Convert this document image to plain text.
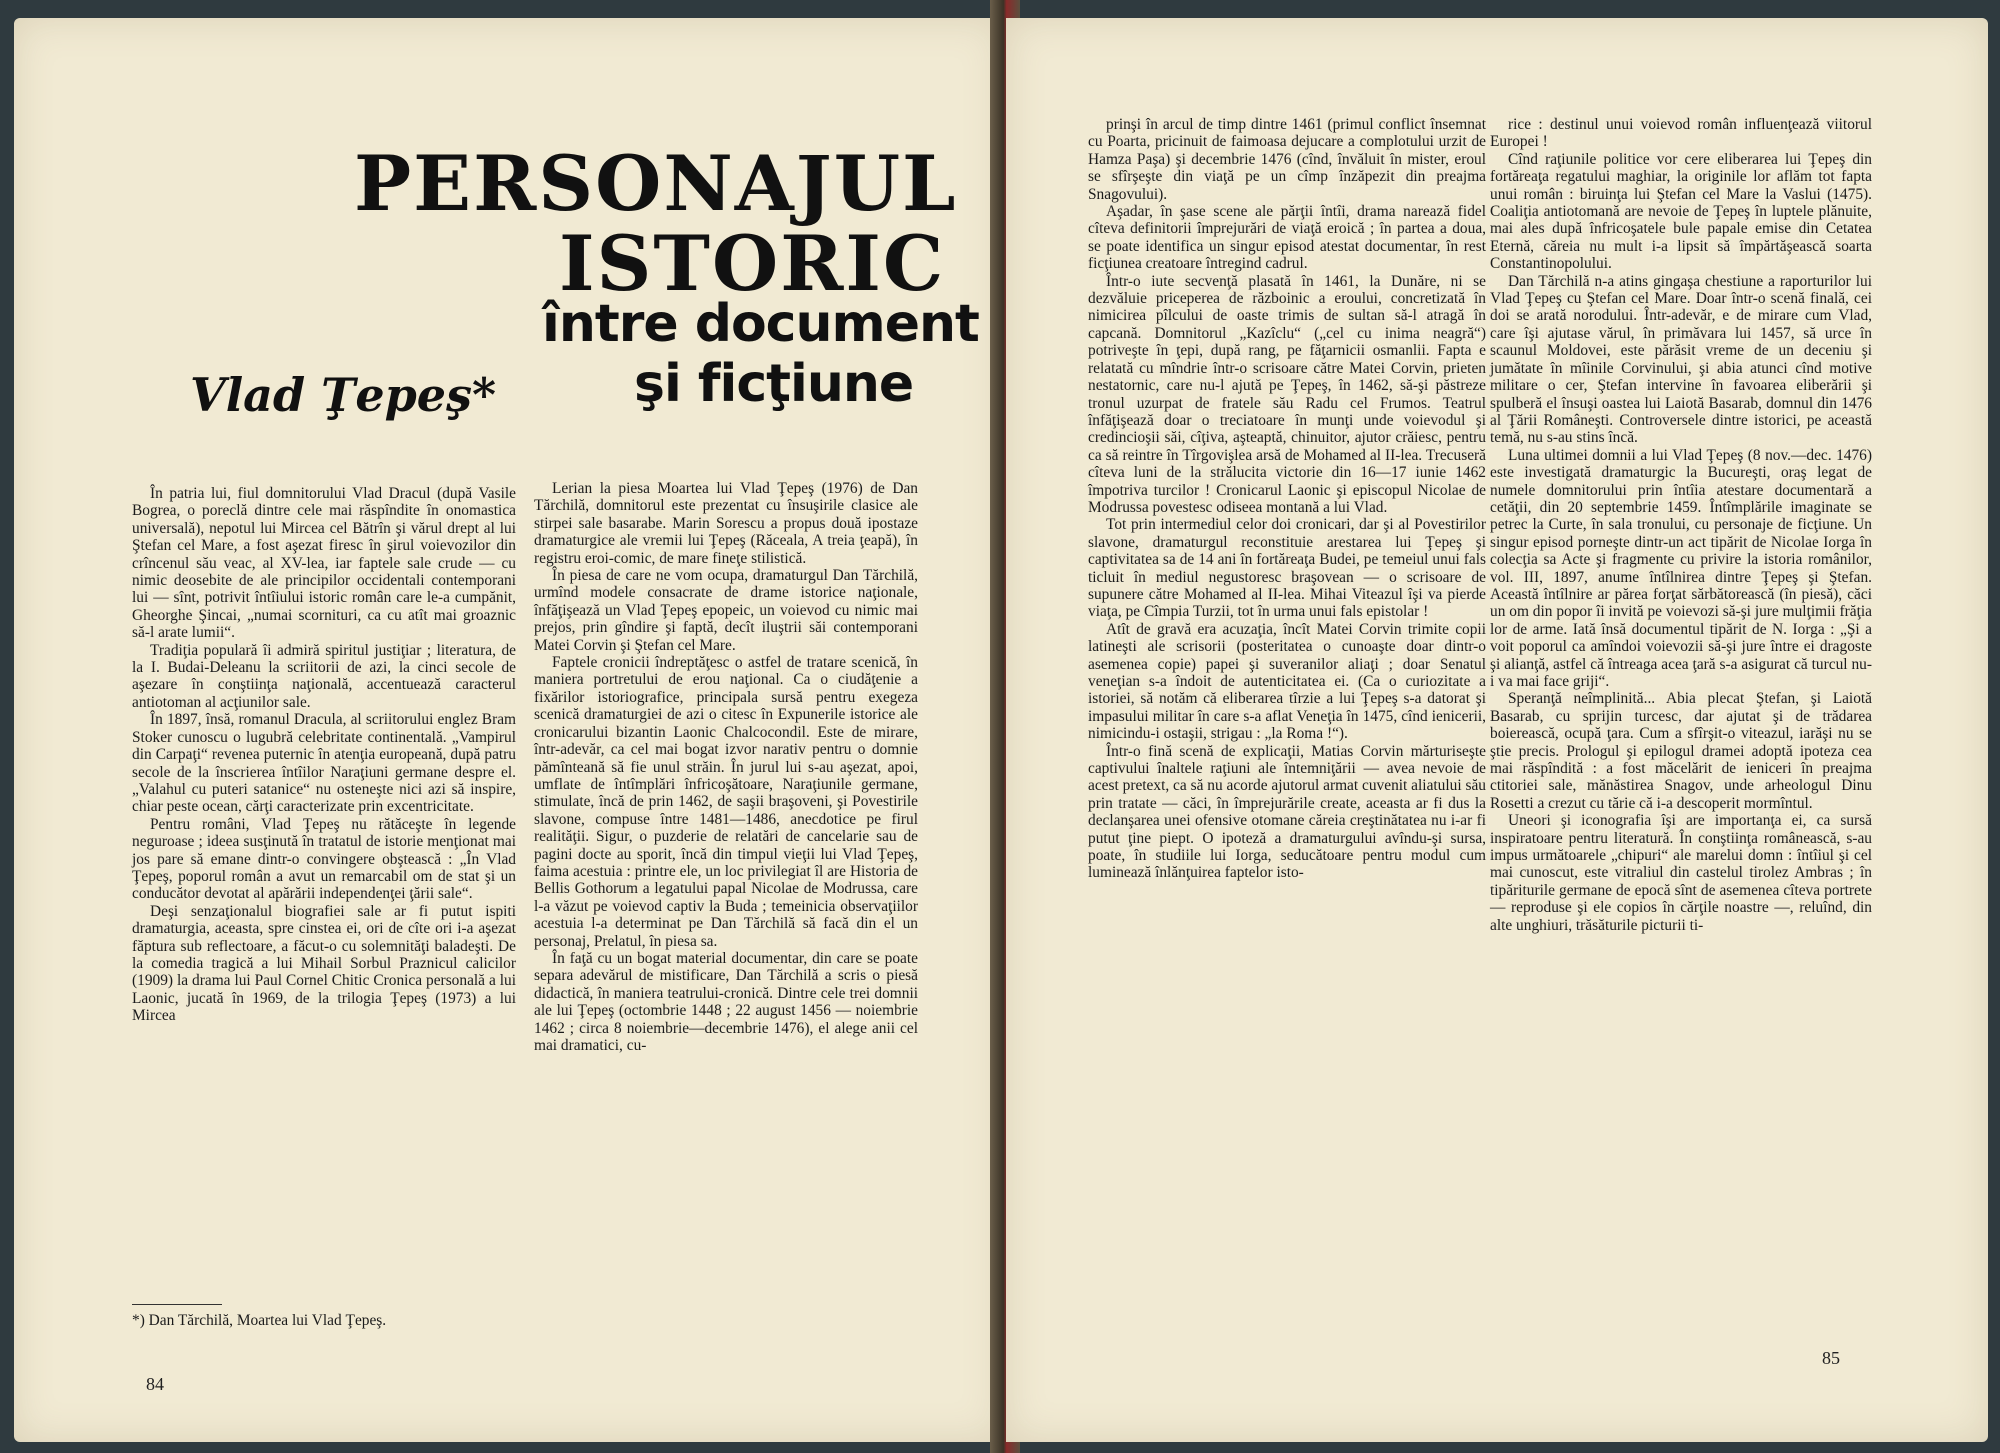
PERSONAJUL
ISTORIC
între document
şi ficţiune

Vlad Ţepeş*

În patria lui, fiul domnitorului Vlad Dracul (după Vasile Bogrea, o poreclă dintre cele mai răspîndite în onomastica universală), nepotul lui Mircea cel Bătrîn şi vărul drept al lui Ştefan cel Mare, a fost aşezat firesc în şirul voievozilor din crîncenul său veac, al XV-lea, iar faptele sale crude — cu nimic deosebite de ale principilor occidentali contemporani lui — sînt, potrivit întîiului istoric român care le-a cumpănit, Gheorghe Şincai, „numai scornituri, ca cu atît mai groaznic să-l arate lumii“.

Tradiţia populară îi admiră spiritul justiţiar ; literatura, de la I. Budai-Deleanu la scriitorii de azi, la cinci secole de aşezare în conştiinţa naţională, accentuează caracterul antiotoman al acţiunilor sale.

În 1897, însă, romanul Dracula, al scriitorului englez Bram Stoker cunoscu o lugubră celebritate continentală. „Vampirul din Carpaţi“ revenea puternic în atenţia europeană, după patru secole de la înscrierea întîilor Naraţiuni germane despre el. „Valahul cu puteri satanice“ nu osteneşte nici azi să inspire, chiar peste ocean, cărţi caracterizate prin excentricitate.

Pentru români, Vlad Ţepeş nu rătăceşte în legende neguroase ; ideea susţinută în tratatul de istorie menţionat mai jos pare să emane dintr-o convingere obştească : „În Vlad Ţepeş, poporul român a avut un remarcabil om de stat şi un conducător devotat al apărării independenţei ţării sale“.

Deşi senzaţionalul biografiei sale ar fi putut ispiti dramaturgia, aceasta, spre cinstea ei, ori de cîte ori i-a aşezat făptura sub reflectoare, a făcut-o cu solemnităţi baladeşti. De la comedia tragică a lui Mihail Sorbul Praznicul calicilor (1909) la drama lui Paul Cornel Chitic Cronica personală a lui Laonic, jucată în 1969, de la trilogia Ţepeş (1973) a lui Mircea

*) Dan Tărchilă, Moartea lui Vlad Ţepeş.

Lerian la piesa Moartea lui Vlad Ţepeş (1976) de Dan Tărchilă, domnitorul este prezentat cu însuşirile clasice ale stirpei sale basarabe. Marin Sorescu a propus două ipostaze dramaturgice ale vremii lui Ţepeş (Răceala, A treia ţeapă), în registru eroi-comic, de mare fineţe stilistică.

În piesa de care ne vom ocupa, dramaturgul Dan Tărchilă, urmînd modele consacrate de drame istorice naţionale, înfăţişează un Vlad Ţepeş epopeic, un voievod cu nimic mai prejos, prin gîndire şi faptă, decît iluştrii săi contemporani Matei Corvin şi Ştefan cel Mare.

Faptele cronicii îndreptăţesc o astfel de tratare scenică, în maniera portretului de erou naţional. Ca o ciudăţenie a fixărilor istoriografice, principala sursă pentru exegeza scenică dramaturgiei de azi o citesc în Expunerile istorice ale cronicarului bizantin Laonic Chalcocondil. Este de mirare, într-adevăr, ca cel mai bogat izvor narativ pentru o domnie pămînteană să fie unul străin. În jurul lui s-au aşezat, apoi, umflate de întîmplări înfricoşătoare, Naraţiunile germane, stimulate, încă de prin 1462, de saşii braşoveni, şi Povestirile slavone, compuse între 1481—1486, anecdotice pe firul realităţii. Sigur, o puzderie de relatări de cancelarie sau de pagini docte au sporit, încă din timpul vieţii lui Vlad Ţepeş, faima acestuia : printre ele, un loc privilegiat îl are Historia de Bellis Gothorum a legatului papal Nicolae de Modrussa, care l-a văzut pe voievod captiv la Buda ; temeinicia observaţiilor acestuia l-a determinat pe Dan Tărchilă să facă din el un personaj, Prelatul, în piesa sa.

În faţă cu un bogat material documentar, din care se poate separa adevărul de mistificare, Dan Tărchilă a scris o piesă didactică, în maniera teatrului-cronică. Dintre cele trei domnii ale lui Ţepeş (octombrie 1448 ; 22 august 1456 — noiembrie 1462 ; circa 8 noiembrie—decembrie 1476), el alege anii cel mai dramatici, cu-

84

prinşi în arcul de timp dintre 1461 (primul conflict însemnat cu Poarta, pricinuit de faimoasa dejucare a complotului urzit de Hamza Paşa) şi decembrie 1476 (cînd, învăluit în mister, eroul se sfîrşeşte din viaţă pe un cîmp înzăpezit din preajma Snagovului).

Aşadar, în şase scene ale părţii întîi, drama narează fidel cîteva definitorii împrejurări de viaţă eroică ; în partea a doua, se poate identifica un singur episod atestat documentar, în rest ficţiunea creatoare întregind cadrul.

Într-o iute secvenţă plasată în 1461, la Dunăre, ni se dezvăluie priceperea de războinic a eroului, concretizată în nimicirea pîlcului de oaste trimis de sultan să-l atragă în capcană. Domnitorul „Kazîclu“ („cel cu inima neagră“) potriveşte în ţepi, după rang, pe făţarnicii osmanlii. Fapta e relatată cu mîndrie într-o scrisoare către Matei Corvin, prieten nestatornic, care nu-l ajută pe Ţepeş, în 1462, să-şi păstreze tronul uzurpat de fratele său Radu cel Frumos. Teatrul înfăţişează doar o treciatoare în munţi unde voievodul şi credincioşii săi, cîţiva, aşteaptă, chinuitor, ajutor crăiesc, pentru ca să reintre în Tîrgovişlea arsă de Mohamed al II-lea. Trecuseră cîteva luni de la strălucita victorie din 16—17 iunie 1462 împotriva turcilor ! Cronicarul Laonic şi episcopul Nicolae de Modrussa povestesc odiseea montană a lui Vlad.

Tot prin intermediul celor doi cronicari, dar şi al Povestirilor slavone, dramaturgul reconstituie arestarea lui Ţepeş şi captivitatea sa de 14 ani în fortăreaţa Budei, pe temeiul unui fals ticluit în mediul negustoresc braşovean — o scrisoare de supunere către Mohamed al II-lea. Mihai Viteazul îşi va pierde viaţa, pe Cîmpia Turzii, tot în urma unui fals epistolar !

Atît de gravă era acuzaţia, încît Matei Corvin trimite copii latineşti ale scrisorii (posteritatea o cunoaşte doar dintr-o asemenea copie) papei şi suveranilor aliaţi ; doar Senatul veneţian s-a îndoit de autenticitatea ei. (Ca o curiozitate a istoriei, să notăm că eliberarea tîrzie a lui Ţepeş s-a datorat şi impasului militar în care s-a aflat Veneţia în 1475, cînd ienicerii, nimicindu-i ostaşii, strigau : „la Roma !“).

Într-o fină scenă de explicaţii, Matias Corvin mărturiseşte captivului înaltele raţiuni ale întemniţării — avea nevoie de acest pretext, ca să nu acorde ajutorul armat cuvenit aliatului său prin tratate — căci, în împrejurările create, aceasta ar fi dus la declanşarea unei ofensive otomane căreia creştinătatea nu i-ar fi putut ţine piept. O ipoteză a dramaturgului avîndu-şi sursa, poate, în studiile lui Iorga, seducătoare pentru modul cum luminează înlănţuirea faptelor isto-

rice : destinul unui voievod român influenţează viitorul Europei !

Cînd raţiunile politice vor cere eliberarea lui Ţepeş din fortăreaţa regatului maghiar, la originile lor aflăm tot fapta unui român : biruinţa lui Ştefan cel Mare la Vaslui (1475). Coaliţia antiotomană are nevoie de Ţepeş în luptele plănuite, mai ales după înfricoşatele bule papale emise din Cetatea Eternă, căreia nu mult i-a lipsit să împărtăşească soarta Constantinopolului.

Dan Tărchilă n-a atins gingaşa chestiune a raporturilor lui Vlad Ţepeş cu Ştefan cel Mare. Doar într-o scenă finală, cei doi se arată norodului. Într-adevăr, e de mirare cum Vlad, care îşi ajutase vărul, în primăvara lui 1457, să urce în scaunul Moldovei, este părăsit vreme de un deceniu şi jumătate în mîinile Corvinului, şi abia atunci cînd motive militare o cer, Ştefan intervine în favoarea eliberării şi spulberă el însuşi oastea lui Laiotă Basarab, domnul din 1476 al Ţării Româneşti. Controversele dintre istorici, pe această temă, nu s-au stins încă.

Luna ultimei domnii a lui Vlad Ţepeş (8 nov.—dec. 1476) este investigată dramaturgic la Bucureşti, oraş legat de numele domnitorului prin întîia atestare documentară a cetăţii, din 20 septembrie 1459. Întîmplările imaginate se petrec la Curte, în sala tronului, cu personaje de ficţiune. Un singur episod porneşte dintr-un act tipărit de Nicolae Iorga în colecţia sa Acte şi fragmente cu privire la istoria românilor, vol. III, 1897, anume întîlnirea dintre Ţepeş şi Ştefan. Această întîlnire ar părea forţat sărbătorească (în piesă), căci un om din popor îi invită pe voievozi să-şi jure mulţimii frăţia lor de arme. Iată însă documentul tipărit de N. Iorga : „Şi a voit poporul ca amîndoi voievozii să-şi jure între ei dragoste şi alianţă, astfel că întreaga acea ţară s-a asigurat că turcul nu-i va mai face griji“.

Speranţă neîmplinită... Abia plecat Ştefan, şi Laiotă Basarab, cu sprijin turcesc, dar ajutat şi de trădarea boierească, ocupă ţara. Cum a sfîrşit-o viteazul, iarăşi nu se ştie precis. Prologul şi epilogul dramei adoptă ipoteza cea mai răspîndită : a fost măcelărit de ieniceri în preajma ctitoriei sale, mănăstirea Snagov, unde arheologul Dinu Rosetti a crezut cu tărie că i-a descoperit mormîntul.

Uneori şi iconografia îşi are importanţa ei, ca sursă inspiratoare pentru literatură. În conştiinţa românească, s-au impus următoarele „chipuri“ ale marelui domn : întîiul şi cel mai cunoscut, este vitraliul din castelul tirolez Ambras ; în tipăriturile germane de epocă sînt de asemenea cîteva portrete — reproduse şi ele copios în cărţile noastre —, reluînd, din alte unghiuri, trăsăturile picturii ti-

85
